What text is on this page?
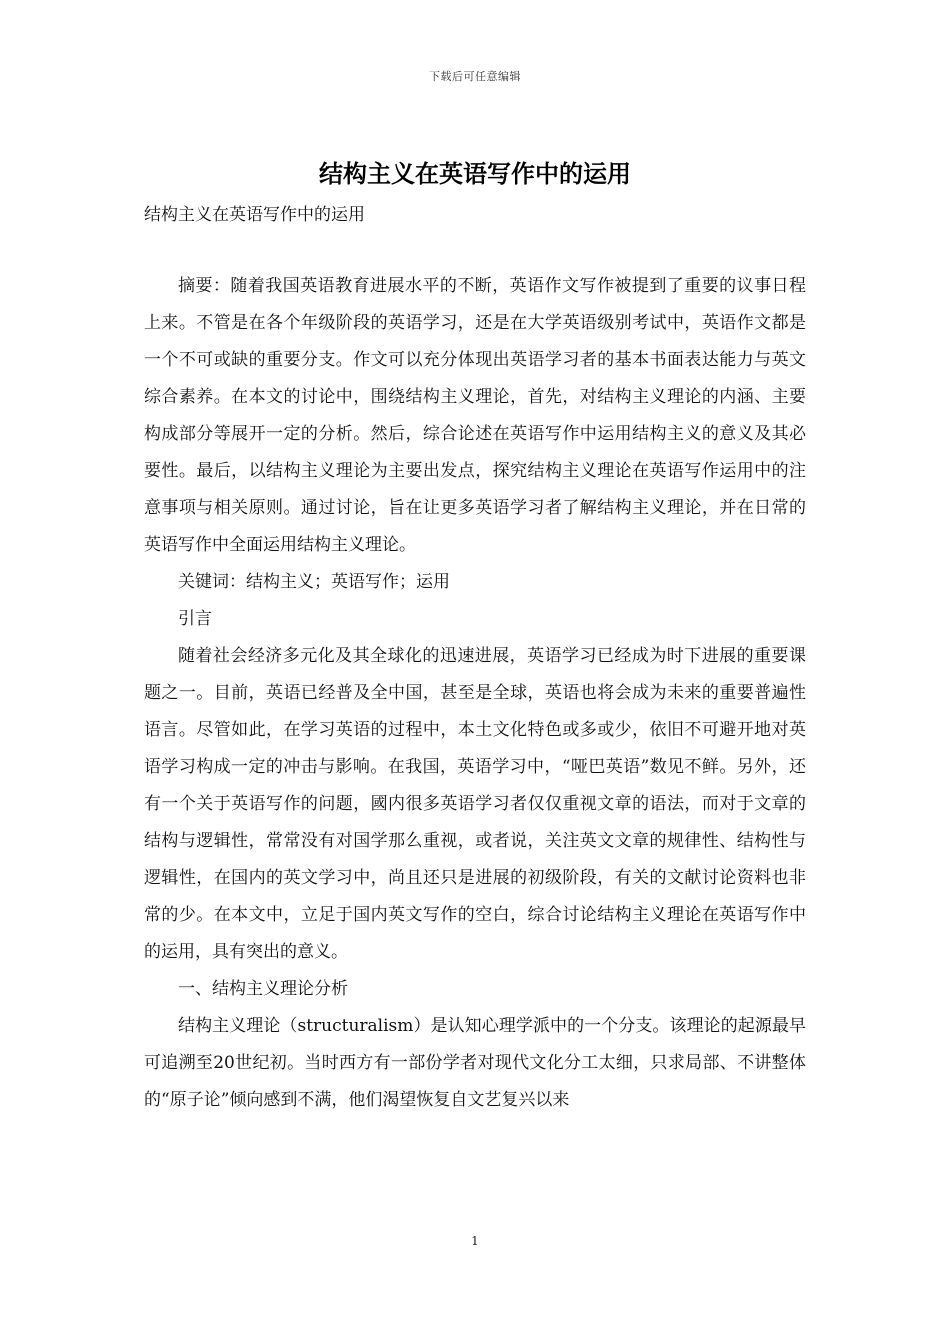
下载后可任意编辑
结构主义在英语写作中的运用
结构主义在英语写作中的运用

摘要：随着我国英语教育进展水平的不断，英语作文写作被提到了重要的议事日程上来。不管是在各个年级阶段的英语学习，还是在大学英语级别考试中，英语作文都是一个不可或缺的重要分支。作文可以充分体现出英语学习者的基本书面表达能力与英文综合素养。在本文的讨论中，围绕结构主义理论，首先，对结构主义理论的内涵、主要构成部分等展开一定的分析。然后，综合论述在英语写作中运用结构主义的意义及其必要性。最后，以结构主义理论为主要出发点，探究结构主义理论在英语写作运用中的注意事项与相关原则。通过讨论，旨在让更多英语学习者了解结构主义理论，并在日常的英语写作中全面运用结构主义理论。

关键词：结构主义；英语写作；运用

引言

随着社会经济多元化及其全球化的迅速进展，英语学习已经成为时下进展的重要课题之一。目前，英语已经普及全中国，甚至是全球，英语也将会成为未来的重要普遍性语言。尽管如此，在学习英语的过程中，本土文化特色或多或少，依旧不可避开地对英语学习构成一定的冲击与影响。在我国，英语学习中，“哑巴英语”数见不鲜。另外，还有一个关于英语写作的问题，國内很多英语学习者仅仅重视文章的语法，而对于文章的结构与逻辑性，常常没有对国学那么重视，或者说，关注英文文章的规律性、结构性与逻辑性，在国内的英文学习中，尚且还只是进展的初级阶段，有关的文献讨论资料也非常的少。在本文中，立足于国内英文写作的空白，综合讨论结构主义理论在英语写作中的运用，具有突出的意义。

一、结构主义理论分析

结构主义理论（structuralism）是认知心理学派中的一个分支。该理论的起源最早可追溯至20世纪初。当时西方有一部份学者对现代文化分工太细，只求局部、不讲整体的“原子论”倾向感到不满，他们渴望恢复自文艺复兴以来

1
